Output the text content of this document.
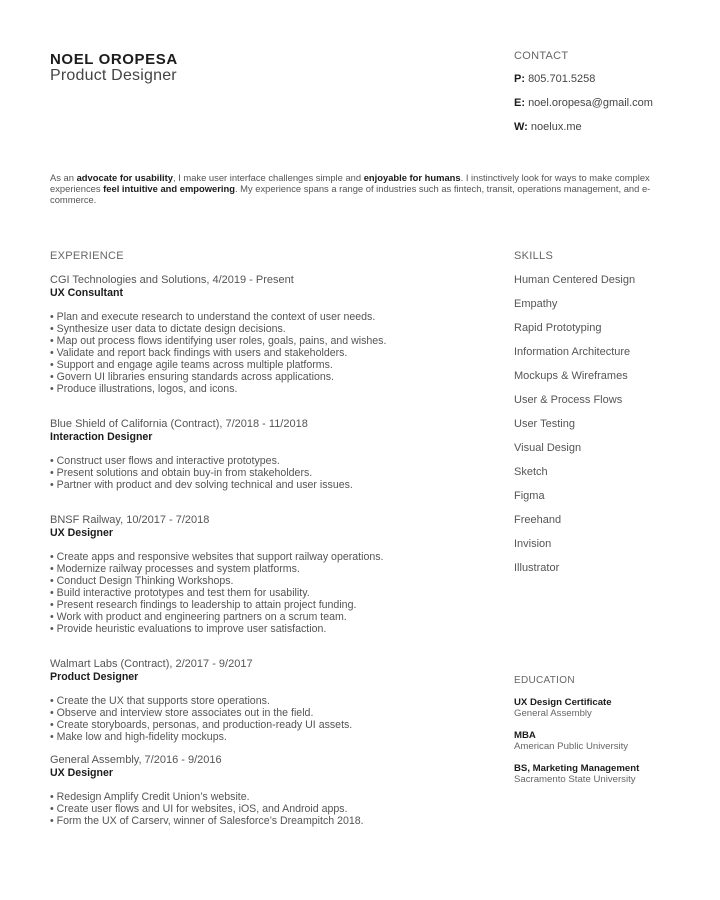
NOEL OROPESA
Product Designer
CONTACT
P: 805.701.5258
E: noel.oropesa@gmail.com
W: noelux.me
As an advocate for usability, I make user interface challenges simple and enjoyable for humans. I instinctively look for ways to make complex experiences feel intuitive and empowering. My experience spans a range of industries such as fintech, transit, operations management, and e-commerce.
EXPERIENCE
CGI Technologies and Solutions, 4/2019 - Present
UX Consultant
• Plan and execute research to understand the context of user needs.
• Synthesize user data to dictate design decisions.
• Map out process flows identifying user roles, goals, pains, and wishes.
• Validate and report back findings with users and stakeholders.
• Support and engage agile teams across multiple platforms.
• Govern UI libraries ensuring standards across applications.
• Produce illustrations, logos, and icons.
Blue Shield of California (Contract), 7/2018 - 11/2018
Interaction Designer
• Construct user flows and interactive prototypes.
• Present solutions and obtain buy-in from stakeholders.
• Partner with product and dev solving technical and user issues.
BNSF Railway, 10/2017 - 7/2018
UX Designer
• Create apps and responsive websites that support railway operations.
• Modernize railway processes and system platforms.
• Conduct Design Thinking Workshops.
• Build interactive prototypes and test them for usability.
• Present research findings to leadership to attain project funding.
• Work with product and engineering partners on a scrum team.
• Provide heuristic evaluations to improve user satisfaction.
Walmart Labs (Contract), 2/2017 - 9/2017
Product Designer
• Create the UX that supports store operations.
• Observe and interview store associates out in the field.
• Create storyboards, personas, and production-ready UI assets.
• Make low and high-fidelity mockups.
General Assembly, 7/2016 - 9/2016
UX Designer
• Redesign Amplify Credit Union’s website.
• Create user flows and UI for websites, iOS, and Android apps.
• Form the UX of Carserv, winner of Salesforce’s Dreampitch 2018.
SKILLS
Human Centered Design
Empathy
Rapid Prototyping
Information Architecture
Mockups & Wireframes
User & Process Flows
User Testing
Visual Design
Sketch
Figma
Freehand
Invision
Illustrator
EDUCATION
UX Design Certificate
General Assembly
MBA
American Public University
BS, Marketing Management
Sacramento State University
